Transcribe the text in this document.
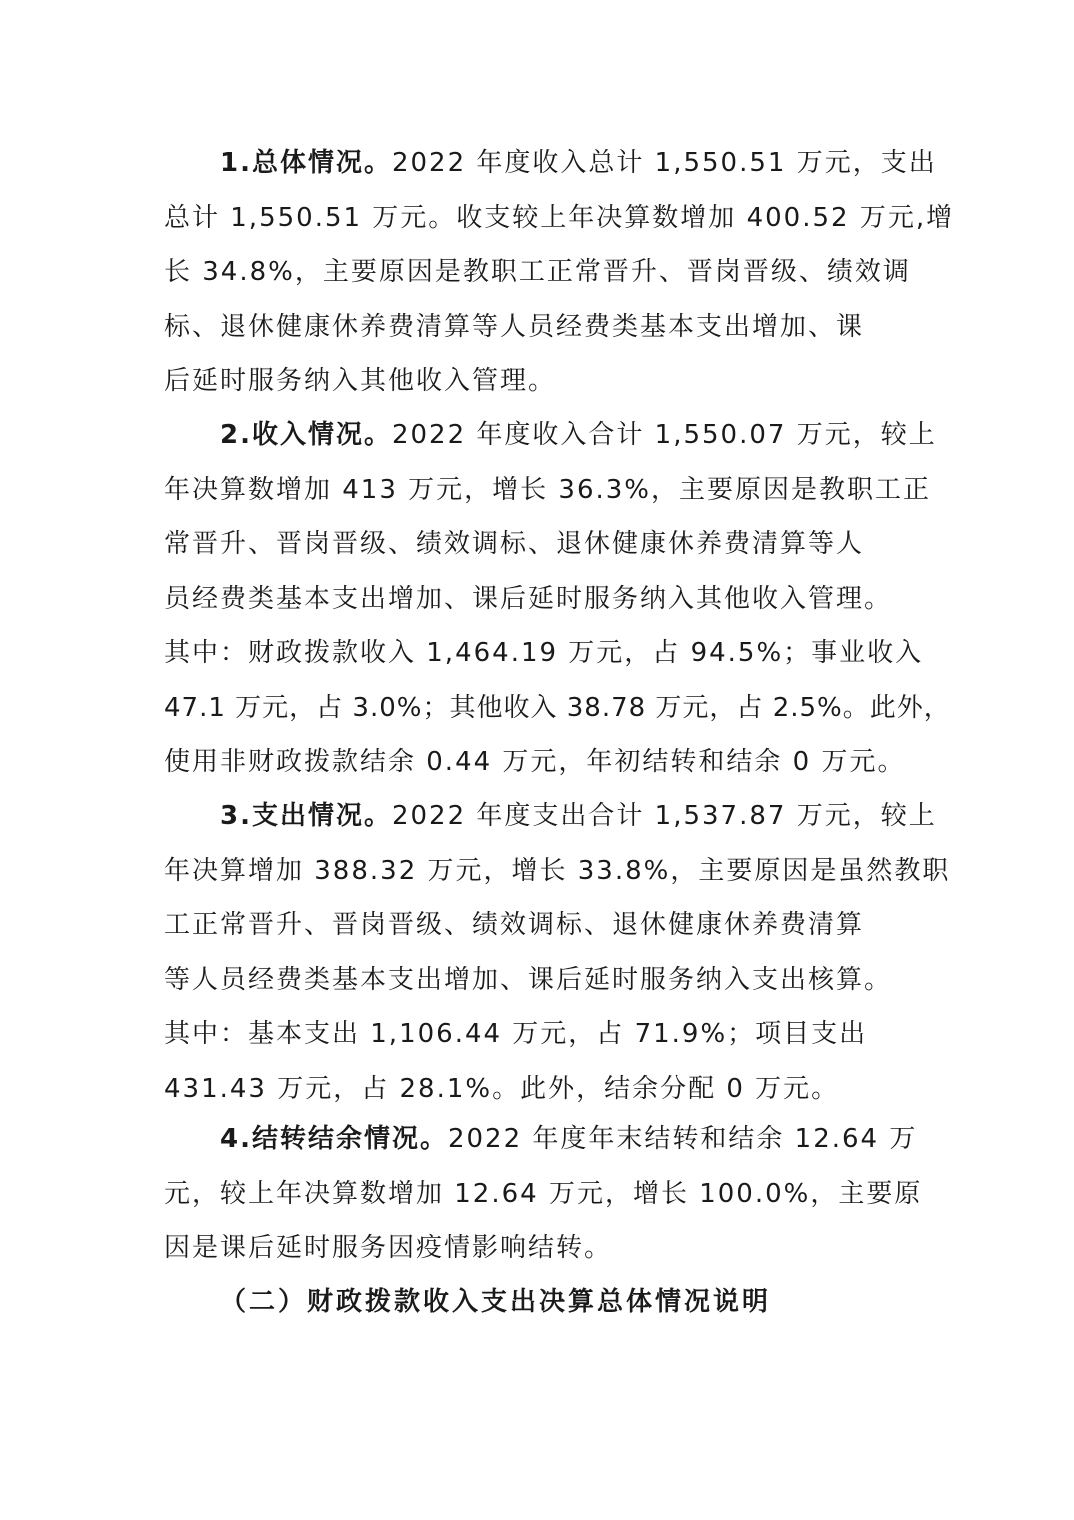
1.总体情况。2022 年度收入总计 1,550.51 万元，支出
总计 1,550.51 万元。收支较上年决算数增加 400.52 万元,增
长 34.8%，主要原因是教职工正常晋升、晋岗晋级、绩效调
标、退休健康休养费清算等人员经费类基本支出增加、课
后延时服务纳入其他收入管理。
2.收入情况。2022 年度收入合计 1,550.07 万元，较上
年决算数增加 413 万元，增长 36.3%，主要原因是教职工正
常晋升、晋岗晋级、绩效调标、退休健康休养费清算等人
员经费类基本支出增加、课后延时服务纳入其他收入管理。
其中：财政拨款收入 1,464.19 万元，占 94.5%；事业收入
47.1 万元，占 3.0%；其他收入 38.78 万元，占 2.5%。此外，
使用非财政拨款结余 0.44 万元，年初结转和结余 0 万元。
3.支出情况。2022 年度支出合计 1,537.87 万元，较上
年决算增加 388.32 万元，增长 33.8%，主要原因是虽然教职
工正常晋升、晋岗晋级、绩效调标、退休健康休养费清算
等人员经费类基本支出增加、课后延时服务纳入支出核算。
其中：基本支出 1,106.44 万元，占 71.9%；项目支出
431.43 万元，占 28.1%。此外，结余分配 0 万元。
4.结转结余情况。2022 年度年末结转和结余 12.64 万
元，较上年决算数增加 12.64 万元，增长 100.0%，主要原
因是课后延时服务因疫情影响结转。
（二）财政拨款收入支出决算总体情况说明
